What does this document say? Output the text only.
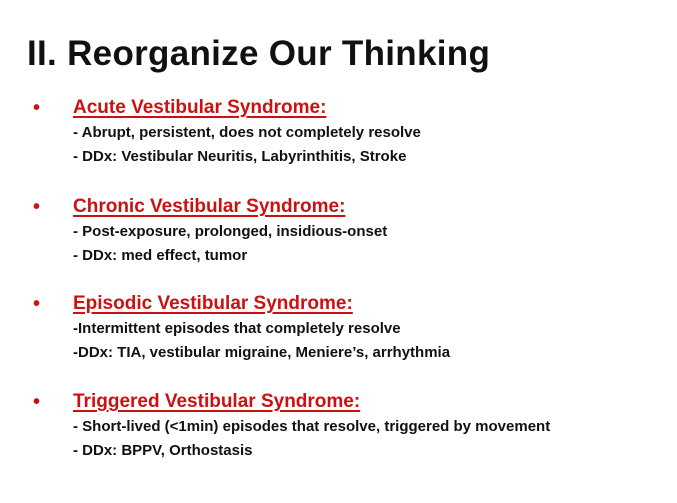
II. Reorganize Our Thinking
• Acute Vestibular Syndrome:
- Abrupt, persistent, does not completely resolve
- DDx: Vestibular Neuritis, Labyrinthitis, Stroke
• Chronic Vestibular Syndrome:
- Post-exposure, prolonged, insidious-onset
- DDx: med effect, tumor
• Episodic Vestibular Syndrome:
-Intermittent episodes that completely resolve
-DDx: TIA, vestibular migraine, Meniere’s, arrhythmia
• Triggered Vestibular Syndrome:
- Short-lived (<1min) episodes that resolve, triggered by movement
- DDx: BPPV, Orthostasis
